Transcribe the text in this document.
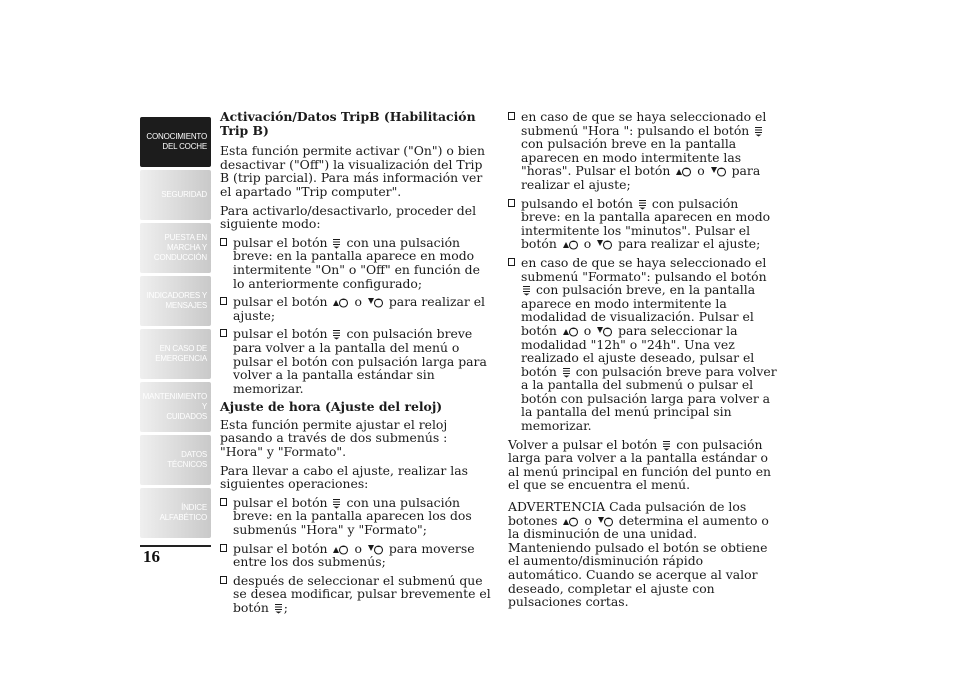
CONOCIMIENTO
DEL COCHE
SEGURIDAD
PUESTA EN
MARCHA Y
CONDUCCIÓN
INDICADORES Y
MENSAJES
EN CASO DE
EMERGENCIA
MANTENIMIENTO Y
CUIDADOS
DATOS TÉCNICOS
ÍNDICE
ALFABÉTICO
16
Activación/Datos TripB (Habilitación Trip B)
Esta función permite activar ("On") o bien desactivar ("Off") la visualización del Trip B (trip parcial). Para más información ver el apartado "Trip computer".
Para activarlo/desactivarlo, proceder del siguiente modo:
pulsar el botón con una pulsación breve: en la pantalla aparece en modo intermitente "On" o "Off" en función de lo anteriormente configurado;
pulsar el botón o para realizar el ajuste;
pulsar el botón con pulsación breve para volver a la pantalla del menú o pulsar el botón con pulsación larga para volver a la pantalla estándar sin memorizar.
Ajuste de hora (Ajuste del reloj)
Esta función permite ajustar el reloj pasando a través de dos submenús : "Hora" y "Formato".
Para llevar a cabo el ajuste, realizar las siguientes operaciones:
pulsar el botón con una pulsación breve: en la pantalla aparecen los dos submenús "Hora" y "Formato";
pulsar el botón o para moverse entre los dos submenús;
después de seleccionar el submenú que se desea modificar, pulsar brevemente el botón ;
en caso de que se haya seleccionado el submenú "Hora ": pulsando el botón
con pulsación breve en la pantalla aparecen en modo intermitente las "horas". Pulsar el botón o para realizar el ajuste;
pulsando el botón con pulsación breve: en la pantalla aparecen en modo intermitente los "minutos". Pulsar el botón o para realizar el ajuste;
en caso de que se haya seleccionado el submenú "Formato": pulsando el botón
con pulsación breve, en la pantalla aparece en modo intermitente la modalidad de visualización. Pulsar el botón o para seleccionar la modalidad "12h" o "24h". Una vez realizado el ajuste deseado, pulsar el botón con pulsación breve para volver a la pantalla del submenú o pulsar el botón con pulsación larga para volver a la pantalla del menú principal sin memorizar.
Volver a pulsar el botón con pulsación larga para volver a la pantalla estándar o al menú principal en función del punto en el que se encuentra el menú.
ADVERTENCIA Cada pulsación de los botones o determina el aumento o la disminución de una unidad. Manteniendo pulsado el botón se obtiene el aumento/disminución rápido automático. Cuando se acerque al valor deseado, completar el ajuste con pulsaciones cortas.
